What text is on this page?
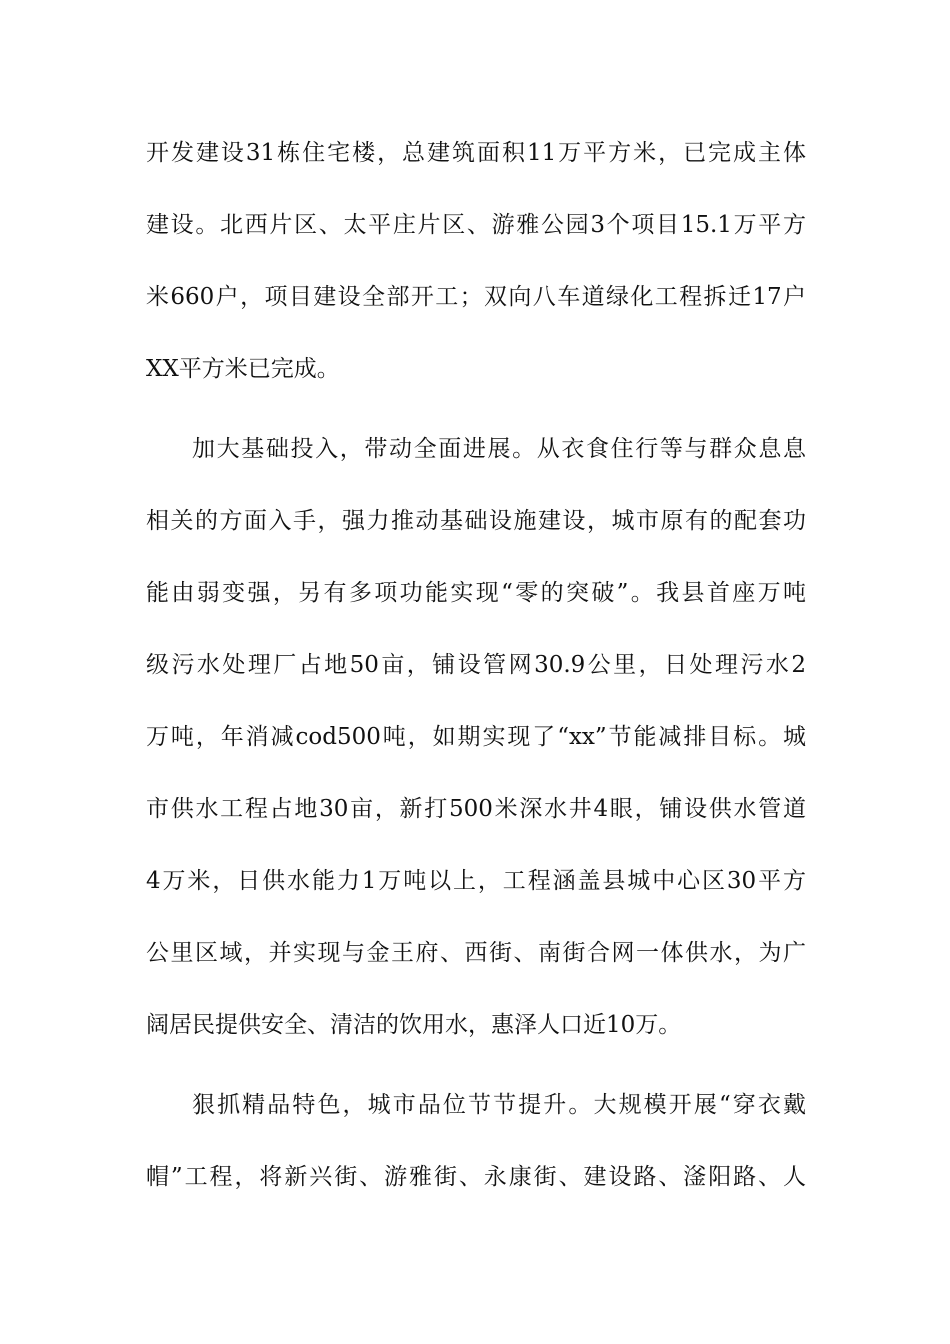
开发建设31栋住宅楼，总建筑面积11万平方米，已完成主体
建设。北西片区、太平庄片区、游雅公园3个项目15.1万平方
米660户，项目建设全部开工；双向八车道绿化工程拆迁17户
XX平方米已完成。
加大基础投入，带动全面进展。从衣食住行等与群众息息
相关的方面入手，强力推动基础设施建设，城市原有的配套功
能由弱变强，另有多项功能实现“零的突破”。我县首座万吨
级污水处理厂占地50亩，铺设管网30.9公里，日处理污水2
万吨，年消减cod500吨，如期实现了“xx”节能减排目标。城
市供水工程占地30亩，新打500米深水井4眼，铺设供水管道
4万米，日供水能力1万吨以上，工程涵盖县城中心区30平方
公里区域，并实现与金王府、西街、南街合网一体供水，为广
阔居民提供安全、清洁的饮用水，惠泽人口近10万。
狠抓精品特色，城市品位节节提升。大规模开展“穿衣戴
帽”工程，将新兴街、游雅街、永康街、建设路、滏阳路、人
